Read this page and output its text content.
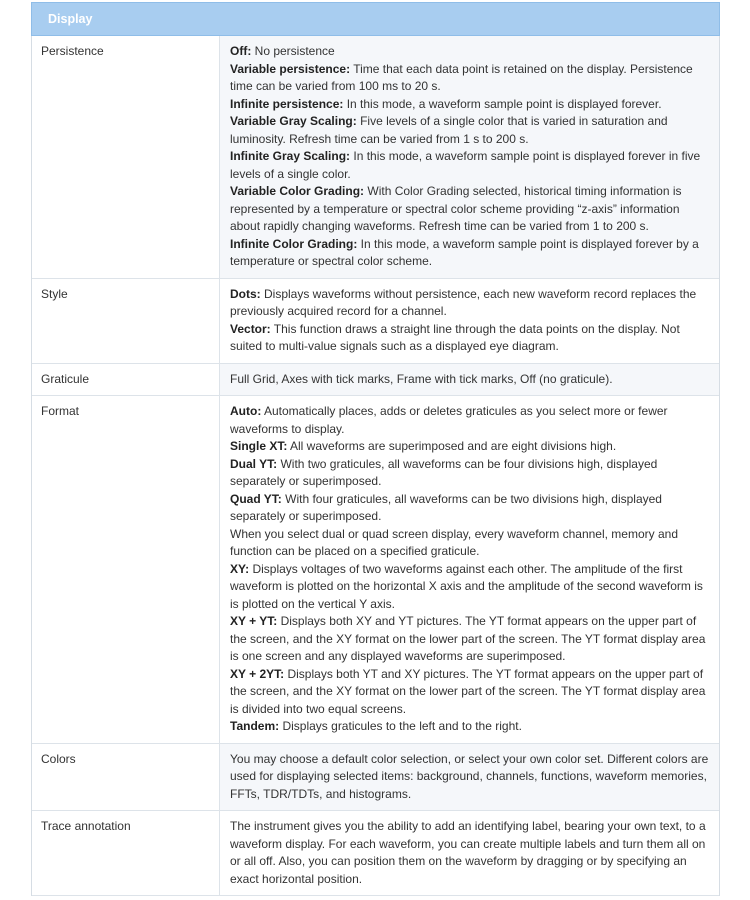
Display
Persistence	Off: No persistence
Variable persistence: Time that each data point is retained on the display. Persistence time can be varied from 100 ms to 20 s.
Infinite persistence: In this mode, a waveform sample point is displayed forever.
Variable Gray Scaling: Five levels of a single color that is varied in saturation and luminosity. Refresh time can be varied from 1 s to 200 s.
Infinite Gray Scaling: In this mode, a waveform sample point is displayed forever in five levels of a single color.
Variable Color Grading: With Color Grading selected, historical timing information is represented by a temperature or spectral color scheme providing “z-axis” information about rapidly changing waveforms. Refresh time can be varied from 1 to 200 s.
Infinite Color Grading: In this mode, a waveform sample point is displayed forever by a temperature or spectral color scheme.
Style	Dots: Displays waveforms without persistence, each new waveform record replaces the previously acquired record for a channel.
Vector: This function draws a straight line through the data points on the display. Not suited to multi-value signals such as a displayed eye diagram.
Graticule	Full Grid, Axes with tick marks, Frame with tick marks, Off (no graticule).
Format	Auto: Automatically places, adds or deletes graticules as you select more or fewer waveforms to display.
Single XT: All waveforms are superimposed and are eight divisions high.
Dual YT: With two graticules, all waveforms can be four divisions high, displayed separately or superimposed.
Quad YT: With four graticules, all waveforms can be two divisions high, displayed separately or superimposed.
When you select dual or quad screen display, every waveform channel, memory and function can be placed on a specified graticule.
XY: Displays voltages of two waveforms against each other. The amplitude of the first waveform is plotted on the horizontal X axis and the amplitude of the second waveform is is plotted on the vertical Y axis.
XY + YT: Displays both XY and YT pictures. The YT format appears on the upper part of the screen, and the XY format on the lower part of the screen. The YT format display area is one screen and any displayed waveforms are superimposed.
XY + 2YT: Displays both YT and XY pictures. The YT format appears on the upper part of the screen, and the XY format on the lower part of the screen. The YT format display area is divided into two equal screens.
Tandem: Displays graticules to the left and to the right.
Colors	You may choose a default color selection, or select your own color set. Different colors are used for displaying selected items: background, channels, functions, waveform memories, FFTs, TDR/TDTs, and histograms.
Trace annotation	The instrument gives you the ability to add an identifying label, bearing your own text, to a waveform display. For each waveform, you can create multiple labels and turn them all on or all off. Also, you can position them on the waveform by dragging or by specifying an exact horizontal position.
